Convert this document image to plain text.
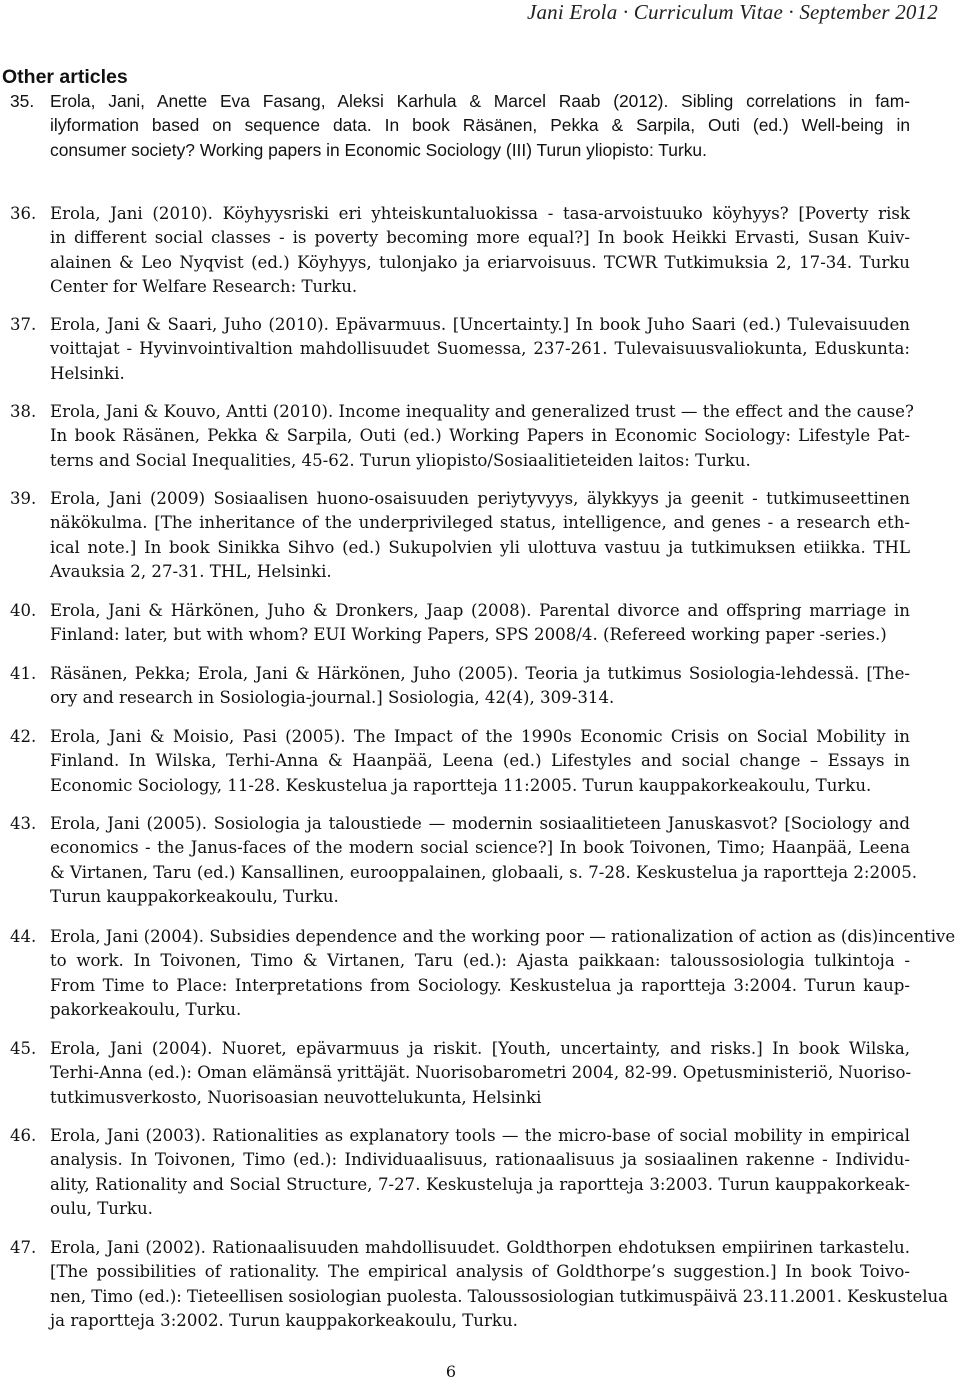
Jani Erola · Curriculum Vitae · September 2012
Other articles
35. Erola, Jani, Anette Eva Fasang, Aleksi Karhula & Marcel Raab (2012). Sibling correlations in fam-
ilyformation based on sequence data. In book Räsänen, Pekka & Sarpila, Outi (ed.) Well-being in
consumer society? Working papers in Economic Sociology (III) Turun yliopisto: Turku.
36. Erola, Jani (2010). Köyhyysriski eri yhteiskuntaluokissa - tasa-arvoistuuko köyhyys? [Poverty risk
in different social classes - is poverty becoming more equal?] In book Heikki Ervasti, Susan Kuiv-
alainen & Leo Nyqvist (ed.) Köyhyys, tulonjako ja eriarvoisuus. TCWR Tutkimuksia 2, 17-34. Turku
Center for Welfare Research: Turku.
37. Erola, Jani & Saari, Juho (2010). Epävarmuus. [Uncertainty.] In book Juho Saari (ed.) Tulevaisuuden
voittajat - Hyvinvointivaltion mahdollisuudet Suomessa, 237-261. Tulevaisuusvaliokunta, Eduskunta:
Helsinki.
38. Erola, Jani & Kouvo, Antti (2010). Income inequality and generalized trust — the effect and the cause?
In book Räsänen, Pekka & Sarpila, Outi (ed.) Working Papers in Economic Sociology: Lifestyle Pat-
terns and Social Inequalities, 45-62. Turun yliopisto/Sosiaalitieteiden laitos: Turku.
39. Erola, Jani (2009) Sosiaalisen huono-osaisuuden periytyvyys, älykkyys ja geenit - tutkimuseettinen
näkökulma. [The inheritance of the underprivileged status, intelligence, and genes - a research eth-
ical note.] In book Sinikka Sihvo (ed.) Sukupolvien yli ulottuva vastuu ja tutkimuksen etiikka. THL
Avauksia 2, 27-31. THL, Helsinki.
40. Erola, Jani & Härkönen, Juho & Dronkers, Jaap (2008). Parental divorce and offspring marriage in
Finland: later, but with whom? EUI Working Papers, SPS 2008/4. (Refereed working paper -series.)
41. Räsänen, Pekka; Erola, Jani & Härkönen, Juho (2005). Teoria ja tutkimus Sosiologia-lehdessä. [The-
ory and research in Sosiologia-journal.] Sosiologia, 42(4), 309-314.
42. Erola, Jani & Moisio, Pasi (2005). The Impact of the 1990s Economic Crisis on Social Mobility in
Finland. In Wilska, Terhi-Anna & Haanpää, Leena (ed.) Lifestyles and social change – Essays in
Economic Sociology, 11-28. Keskustelua ja raportteja 11:2005. Turun kauppakorkeakoulu, Turku.
43. Erola, Jani (2005). Sosiologia ja taloustiede — modernin sosiaalitieteen Januskasvot? [Sociology and
economics - the Janus-faces of the modern social science?] In book Toivonen, Timo; Haanpää, Leena
& Virtanen, Taru (ed.) Kansallinen, eurooppalainen, globaali, s. 7-28. Keskustelua ja raportteja 2:2005.
Turun kauppakorkeakoulu, Turku.
44. Erola, Jani (2004). Subsidies dependence and the working poor — rationalization of action as (dis)incentive
to work. In Toivonen, Timo & Virtanen, Taru (ed.): Ajasta paikkaan: taloussosiologia tulkintoja -
From Time to Place: Interpretations from Sociology. Keskustelua ja raportteja 3:2004. Turun kaup-
pakorkeakoulu, Turku.
45. Erola, Jani (2004). Nuoret, epävarmuus ja riskit. [Youth, uncertainty, and risks.] In book Wilska,
Terhi-Anna (ed.): Oman elämänsä yrittäjät. Nuorisobarometri 2004, 82-99. Opetusministeriö, Nuoriso-
tutkimusverkosto, Nuorisoasian neuvottelukunta, Helsinki
46. Erola, Jani (2003). Rationalities as explanatory tools — the micro-base of social mobility in empirical
analysis. In Toivonen, Timo (ed.): Individuaalisuus, rationaalisuus ja sosiaalinen rakenne - Individu-
ality, Rationality and Social Structure, 7-27. Keskusteluja ja raportteja 3:2003. Turun kauppakorkeak-
oulu, Turku.
47. Erola, Jani (2002). Rationaalisuuden mahdollisuudet. Goldthorpen ehdotuksen empiirinen tarkastelu.
[The possibilities of rationality. The empirical analysis of Goldthorpe’s suggestion.] In book Toivo-
nen, Timo (ed.): Tieteellisen sosiologian puolesta. Taloussosiologian tutkimuspäivä 23.11.2001. Keskustelua
ja raportteja 3:2002. Turun kauppakorkeakoulu, Turku.
6
